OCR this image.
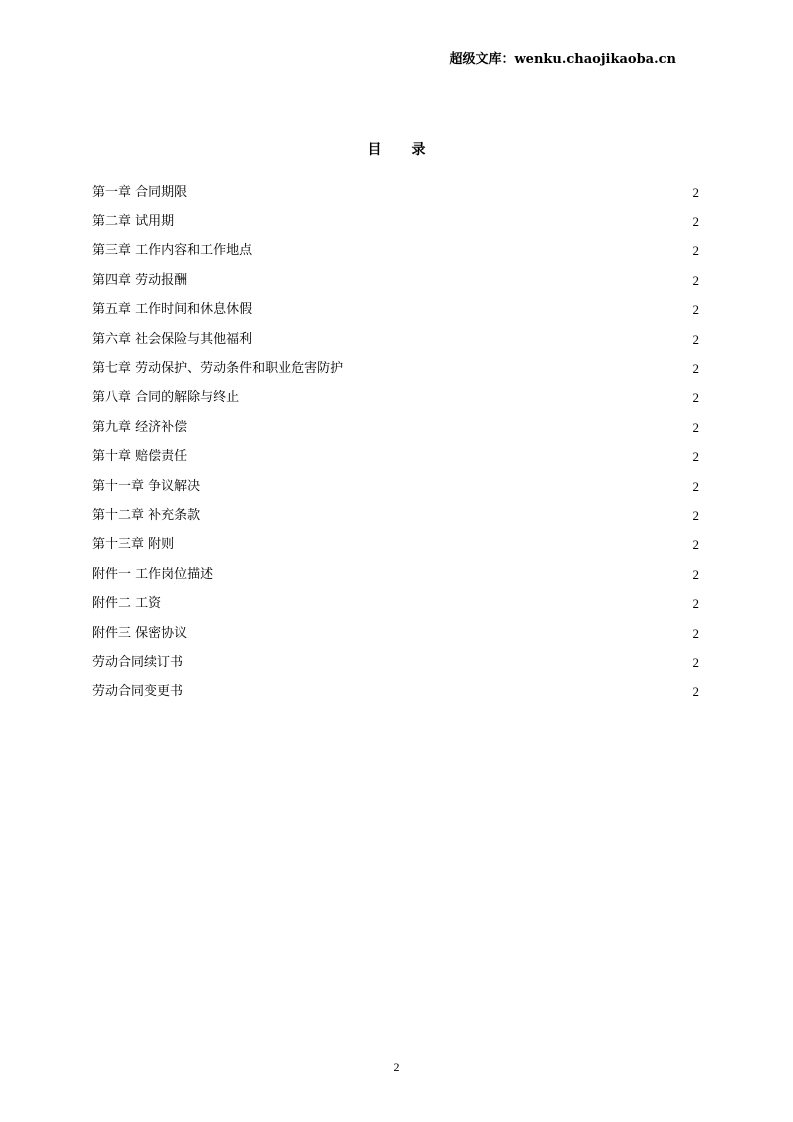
超级文库：wenku.chaojikaoba.cn
目 录
第一章 合同期限	2
第二章 试用期	2
第三章 工作内容和工作地点	2
第四章 劳动报酬	2
第五章 工作时间和休息休假	2
第六章 社会保险与其他福利	2
第七章 劳动保护、劳动条件和职业危害防护	2
第八章 合同的解除与终止	2
第九章 经济补偿	2
第十章 赔偿责任	2
第十一章 争议解决	2
第十二章 补充条款	2
第十三章 附则	2
附件一 工作岗位描述	2
附件二 工资	2
附件三 保密协议	2
劳动合同续订书	2
劳动合同变更书	2
2
